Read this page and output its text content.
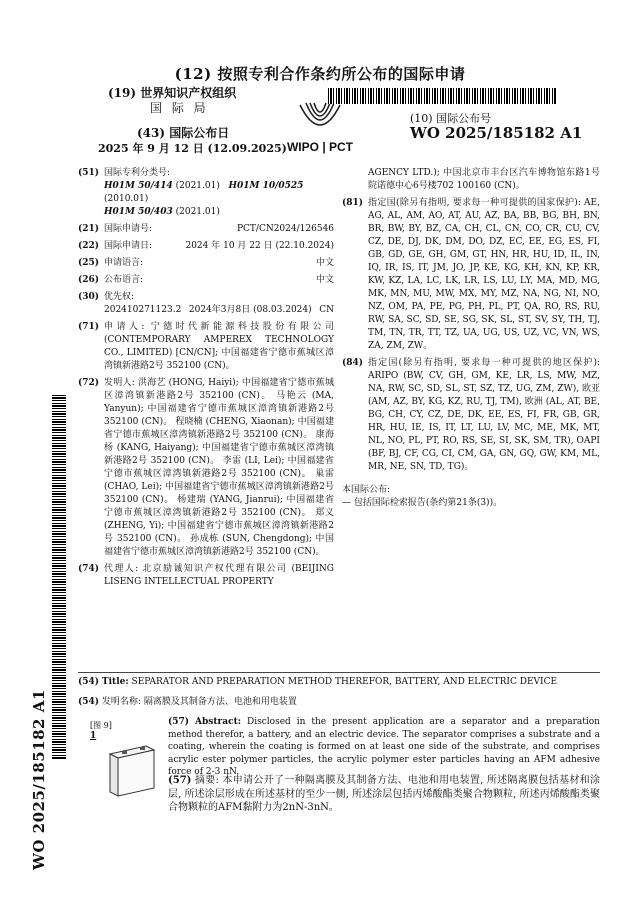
(12) 按照专利合作条约所公布的国际申请
(19) 世界知识产权组织
国 际 局
(43) 国际公布日
2025 年 9 月 12 日 (12.09.2025) WIPO | PCT
(10) 国际公布号
WO 2025/185182 A1
WO 2025/185182 A1
(51) 国际专利分类号:
H01M 50/414 (2021.01) H01M 10/0525 (2010.01)
H01M 50/403 (2021.01)
(21) 国际申请号:	PCT/CN2024/126546
(22) 国际申请日:	2024 年 10 月 22 日 (22.10.2024)
(25) 申请语言:	中文
(26) 公布语言:	中文
(30) 优先权:
202410271123.2 2024年3月8日 (08.03.2024) CN
(71) 申请人: 宁德时代新能源科技股份有限公司 (CONTEMPORARY AMPEREX TECHNOLOGY CO., LIMITED) [CN/CN]; 中国福建省宁德市蕉城区漳湾镇新港路2号 352100 (CN)。

(72) 发明人: 洪海艺 (HONG, Haiyi); 中国福建省宁德市蕉城区漳湾镇新港路2号 352100 (CN)。 马艳云 (MA, Yanyun); 中国福建省宁德市蕉城区漳湾镇新港路2号 352100 (CN)。 程晓楠 (CHENG, Xiaonan); 中国福建省宁德市蕉城区漳湾镇新港路2号 352100 (CN)。 康海杨 (KANG, Haiyang); 中国福建省宁德市蕉城区漳湾镇新港路2号 352100 (CN)。 李雷 (LI, Lei); 中国福建省宁德市蕉城区漳湾镇新港路2号 352100 (CN)。 巢雷 (CHAO, Lei); 中国福建省宁德市蕉城区漳湾镇新港路2号 352100 (CN)。 杨建瑞 (YANG, Jianrui); 中国福建省宁德市蕉城区漳湾镇新港路2号 352100 (CN)。 郑义 (ZHENG, Yi); 中国福建省宁德市蕉城区漳湾镇新港路2号 352100 (CN)。 孙成栋 (SUN, Chengdong); 中国福建省宁德市蕉城区漳湾镇新港路2号 352100 (CN)。

(74) 代理人: 北京励诚知识产权代理有限公司 (BEIJING LISENG INTELLECTUAL PROPERTY

AGENCY LTD.); 中国北京市丰台区汽车博物馆东路1号院诺德中心6号楼702 100160 (CN)。

(81) 指定国(除另有指明, 要求每一种可提供的国家保护): AE, AG, AL, AM, AO, AT, AU, AZ, BA, BB, BG, BH, BN, BR, BW, BY, BZ, CA, CH, CL, CN, CO, CR, CU, CV, CZ, DE, DJ, DK, DM, DO, DZ, EC, EE, EG, ES, FI, GB, GD, GE, GH, GM, GT, HN, HR, HU, ID, IL, IN, IQ, IR, IS, IT, JM, JO, JP, KE, KG, KH, KN, KP, KR, KW, KZ, LA, LC, LK, LR, LS, LU, LY, MA, MD, MG, MK, MN, MU, MW, MX, MY, MZ, NA, NG, NI, NO, NZ, OM, PA, PE, PG, PH, PL, PT, QA, RO, RS, RU, RW, SA, SC, SD, SE, SG, SK, SL, ST, SV, SY, TH, TJ, TM, TN, TR, TT, TZ, UA, UG, US, UZ, VC, VN, WS, ZA, ZM, ZW。

(84) 指定国(除另有指明, 要求每一种可提供的地区保护): ARIPO (BW, CV, GH, GM, KE, LR, LS, MW, MZ, NA, RW, SC, SD, SL, ST, SZ, TZ, UG, ZM, ZW), 欧亚 (AM, AZ, BY, KG, KZ, RU, TJ, TM), 欧洲 (AL, AT, BE, BG, CH, CY, CZ, DE, DK, EE, ES, FI, FR, GB, GR, HR, HU, IE, IS, IT, LT, LU, LV, MC, ME, MK, MT, NL, NO, PL, PT, RO, RS, SE, SI, SK, SM, TR), OAPI (BF, BJ, CF, CG, CI, CM, GA, GN, GQ, GW, KM, ML, MR, NE, SN, TD, TG)。

本国际公布:
— 包括国际检索报告(条约第21条(3))。
(54) Title: SEPARATOR AND PREPARATION METHOD THEREFOR, BATTERY, AND ELECTRIC DEVICE
(54) 发明名称: 隔离膜及其制备方法、电池和用电装置
[图 9]
1

(57) Abstract: Disclosed in the present application are a separator and a preparation method therefor, a battery, and an electric device. The separator comprises a substrate and a coating, wherein the coating is formed on at least one side of the substrate, and comprises acrylic ester polymer particles, the acrylic polymer ester particles having an AFM adhesive force of 2-3 nN.

(57) 摘要: 本申请公开了一种隔离膜及其制备方法、电池和用电装置, 所述隔离膜包括基材和涂层, 所述涂层形成在所述基材的至少一侧, 所述涂层包括丙烯酸酯类聚合物颗粒, 所述丙烯酸酯类聚合物颗粒的AFM黏附力为2nN-3nN。
